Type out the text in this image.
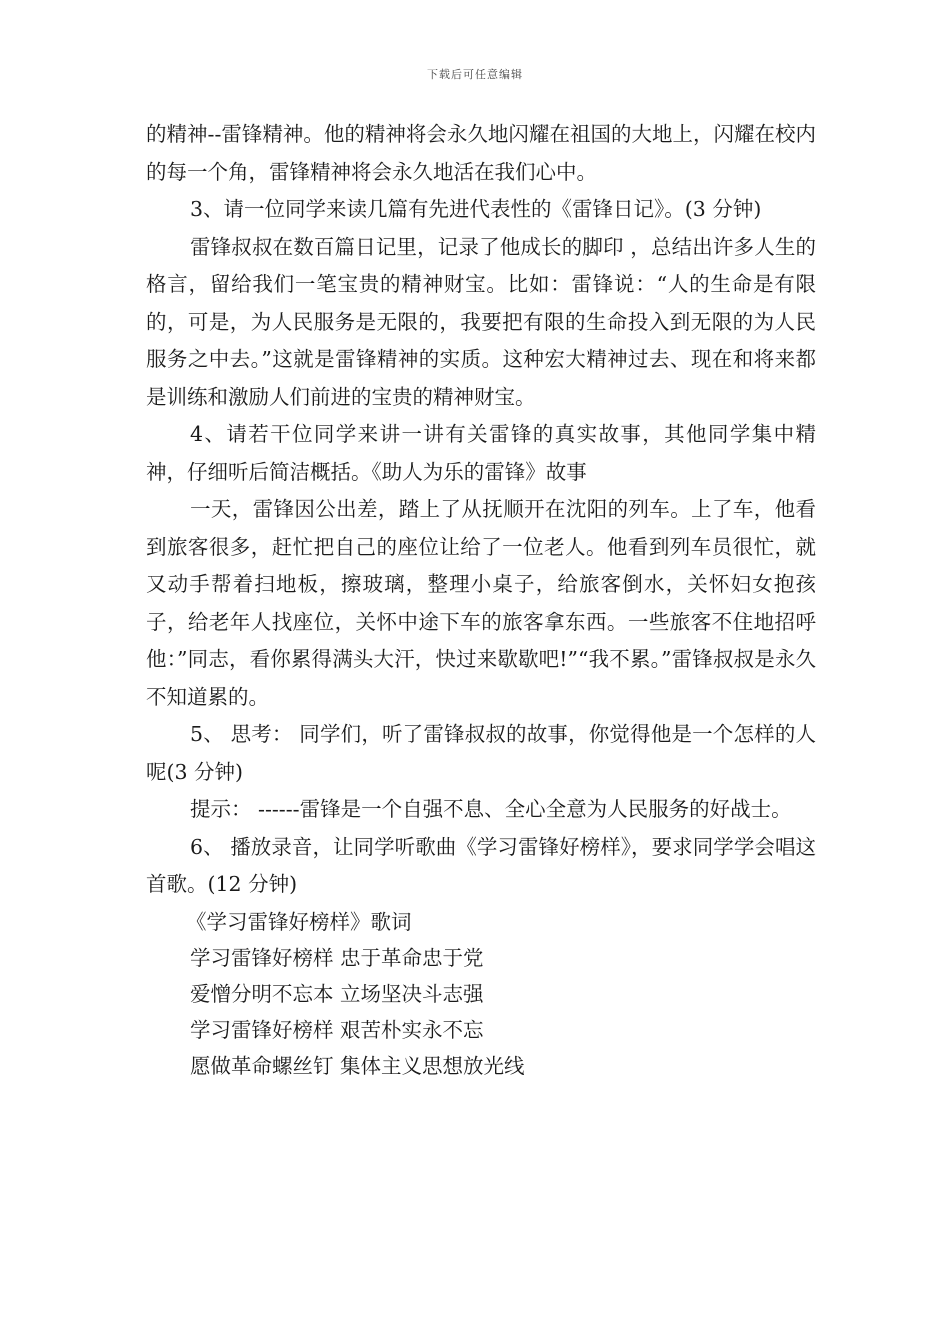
下载后可任意编辑

的精神--雷锋精神。他的精神将会永久地闪耀在祖国的大地上，闪耀在校内的每一个角，雷锋精神将会永久地活在我们心中。

3、请一位同学来读几篇有先进代表性的《雷锋日记》。(3 分钟)

雷锋叔叔在数百篇日记里，记录了他成长的脚印 ，总结出许多人生的格言，留给我们一笔宝贵的精神财宝。比如：雷锋说：“人的生命是有限的，可是，为人民服务是无限的，我要把有限的生命投入到无限的为人民服务之中去。”这就是雷锋精神的实质。这种宏大精神过去、现在和将来都是训练和激励人们前进的宝贵的精神财宝。

4、请若干位同学来讲一讲有关雷锋的真实故事，其他同学集中精神，仔细听后简洁概括。《助人为乐的雷锋》故事

一天，雷锋因公出差，踏上了从抚顺开在沈阳的列车。上了车，他看到旅客很多，赶忙把自己的座位让给了一位老人。他看到列车员很忙，就又动手帮着扫地板，擦玻璃，整理小桌子，给旅客倒水，关怀妇女抱孩子，给老年人找座位，关怀中途下车的旅客拿东西。一些旅客不住地招呼他：”同志，看你累得满头大汗，快过来歇歇吧!”“我不累。”雷锋叔叔是永久不知道累的。

5、 思考： 同学们，听了雷锋叔叔的故事，你觉得他是一个怎样的人呢(3 分钟)

提示： ------雷锋是一个自强不息、全心全意为人民服务的好战士。

6、 播放录音，让同学听歌曲《学习雷锋好榜样》，要求同学学会唱这首歌。(12 分钟)

《学习雷锋好榜样》歌词
学习雷锋好榜样 忠于革命忠于党
爱憎分明不忘本 立场坚决斗志强
学习雷锋好榜样 艰苦朴实永不忘
愿做革命螺丝钉 集体主义思想放光线
